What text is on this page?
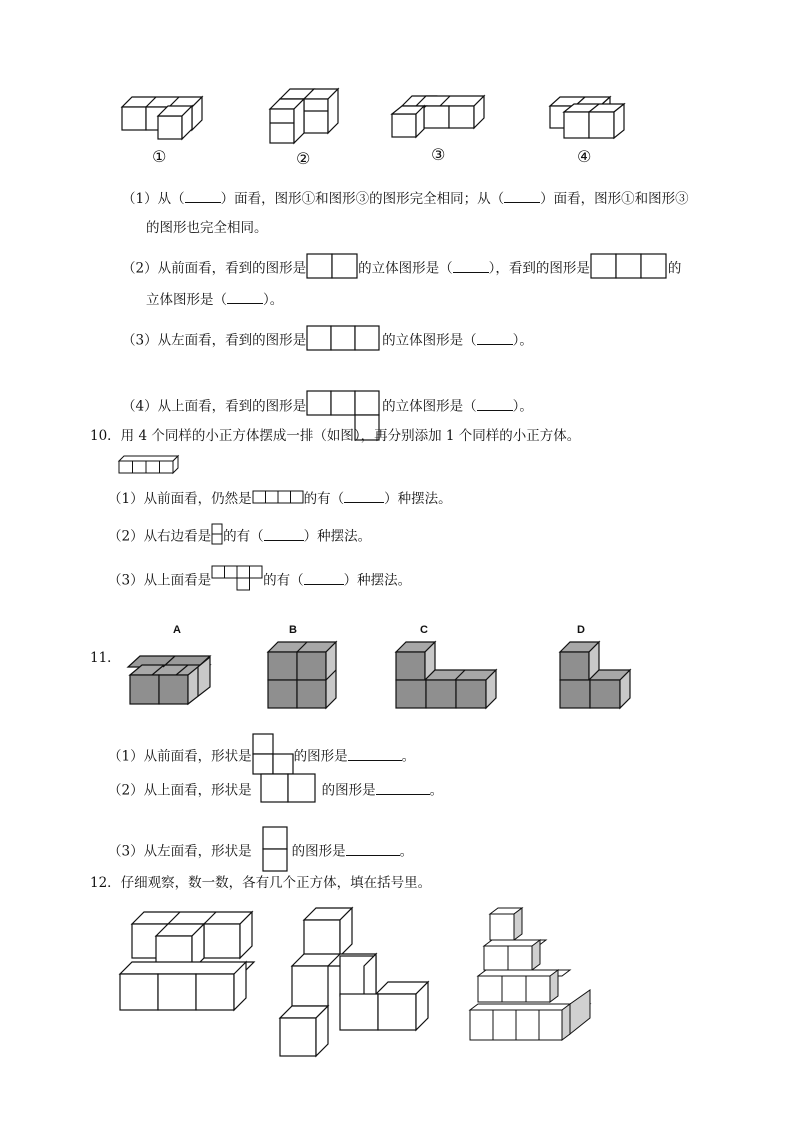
①	②	③	④
（1）从（	）面看，图形①和图形③的图形完全相同；从（	）面看，图形①和图形③
的图形也完全相同。
（2）从前面看，看到的图形是	的立体图形是（	），看到的图形是	的
立体图形是（	）。
（3）从左面看，看到的图形是	的立体图形是（	）。
（4）从上面看，看到的图形是	的立体图形是（	）。
10．用 4 个同样的小正方体摆成一排（如图），再分别添加 1 个同样的小正方体。
（1）从前面看，仍然是	的有（	）种摆法。
（2）从右边看是 的有（	）种摆法。
（3）从上面看是	的有（	）种摆法。
A	B	C	D
11．
（1）从前面看，形状是	的图形是	。
（2）从上面看，形状是	的图形是	。
（3）从左面看，形状是	的图形是	。
12．仔细观察，数一数，各有几个正方体，填在括号里。
